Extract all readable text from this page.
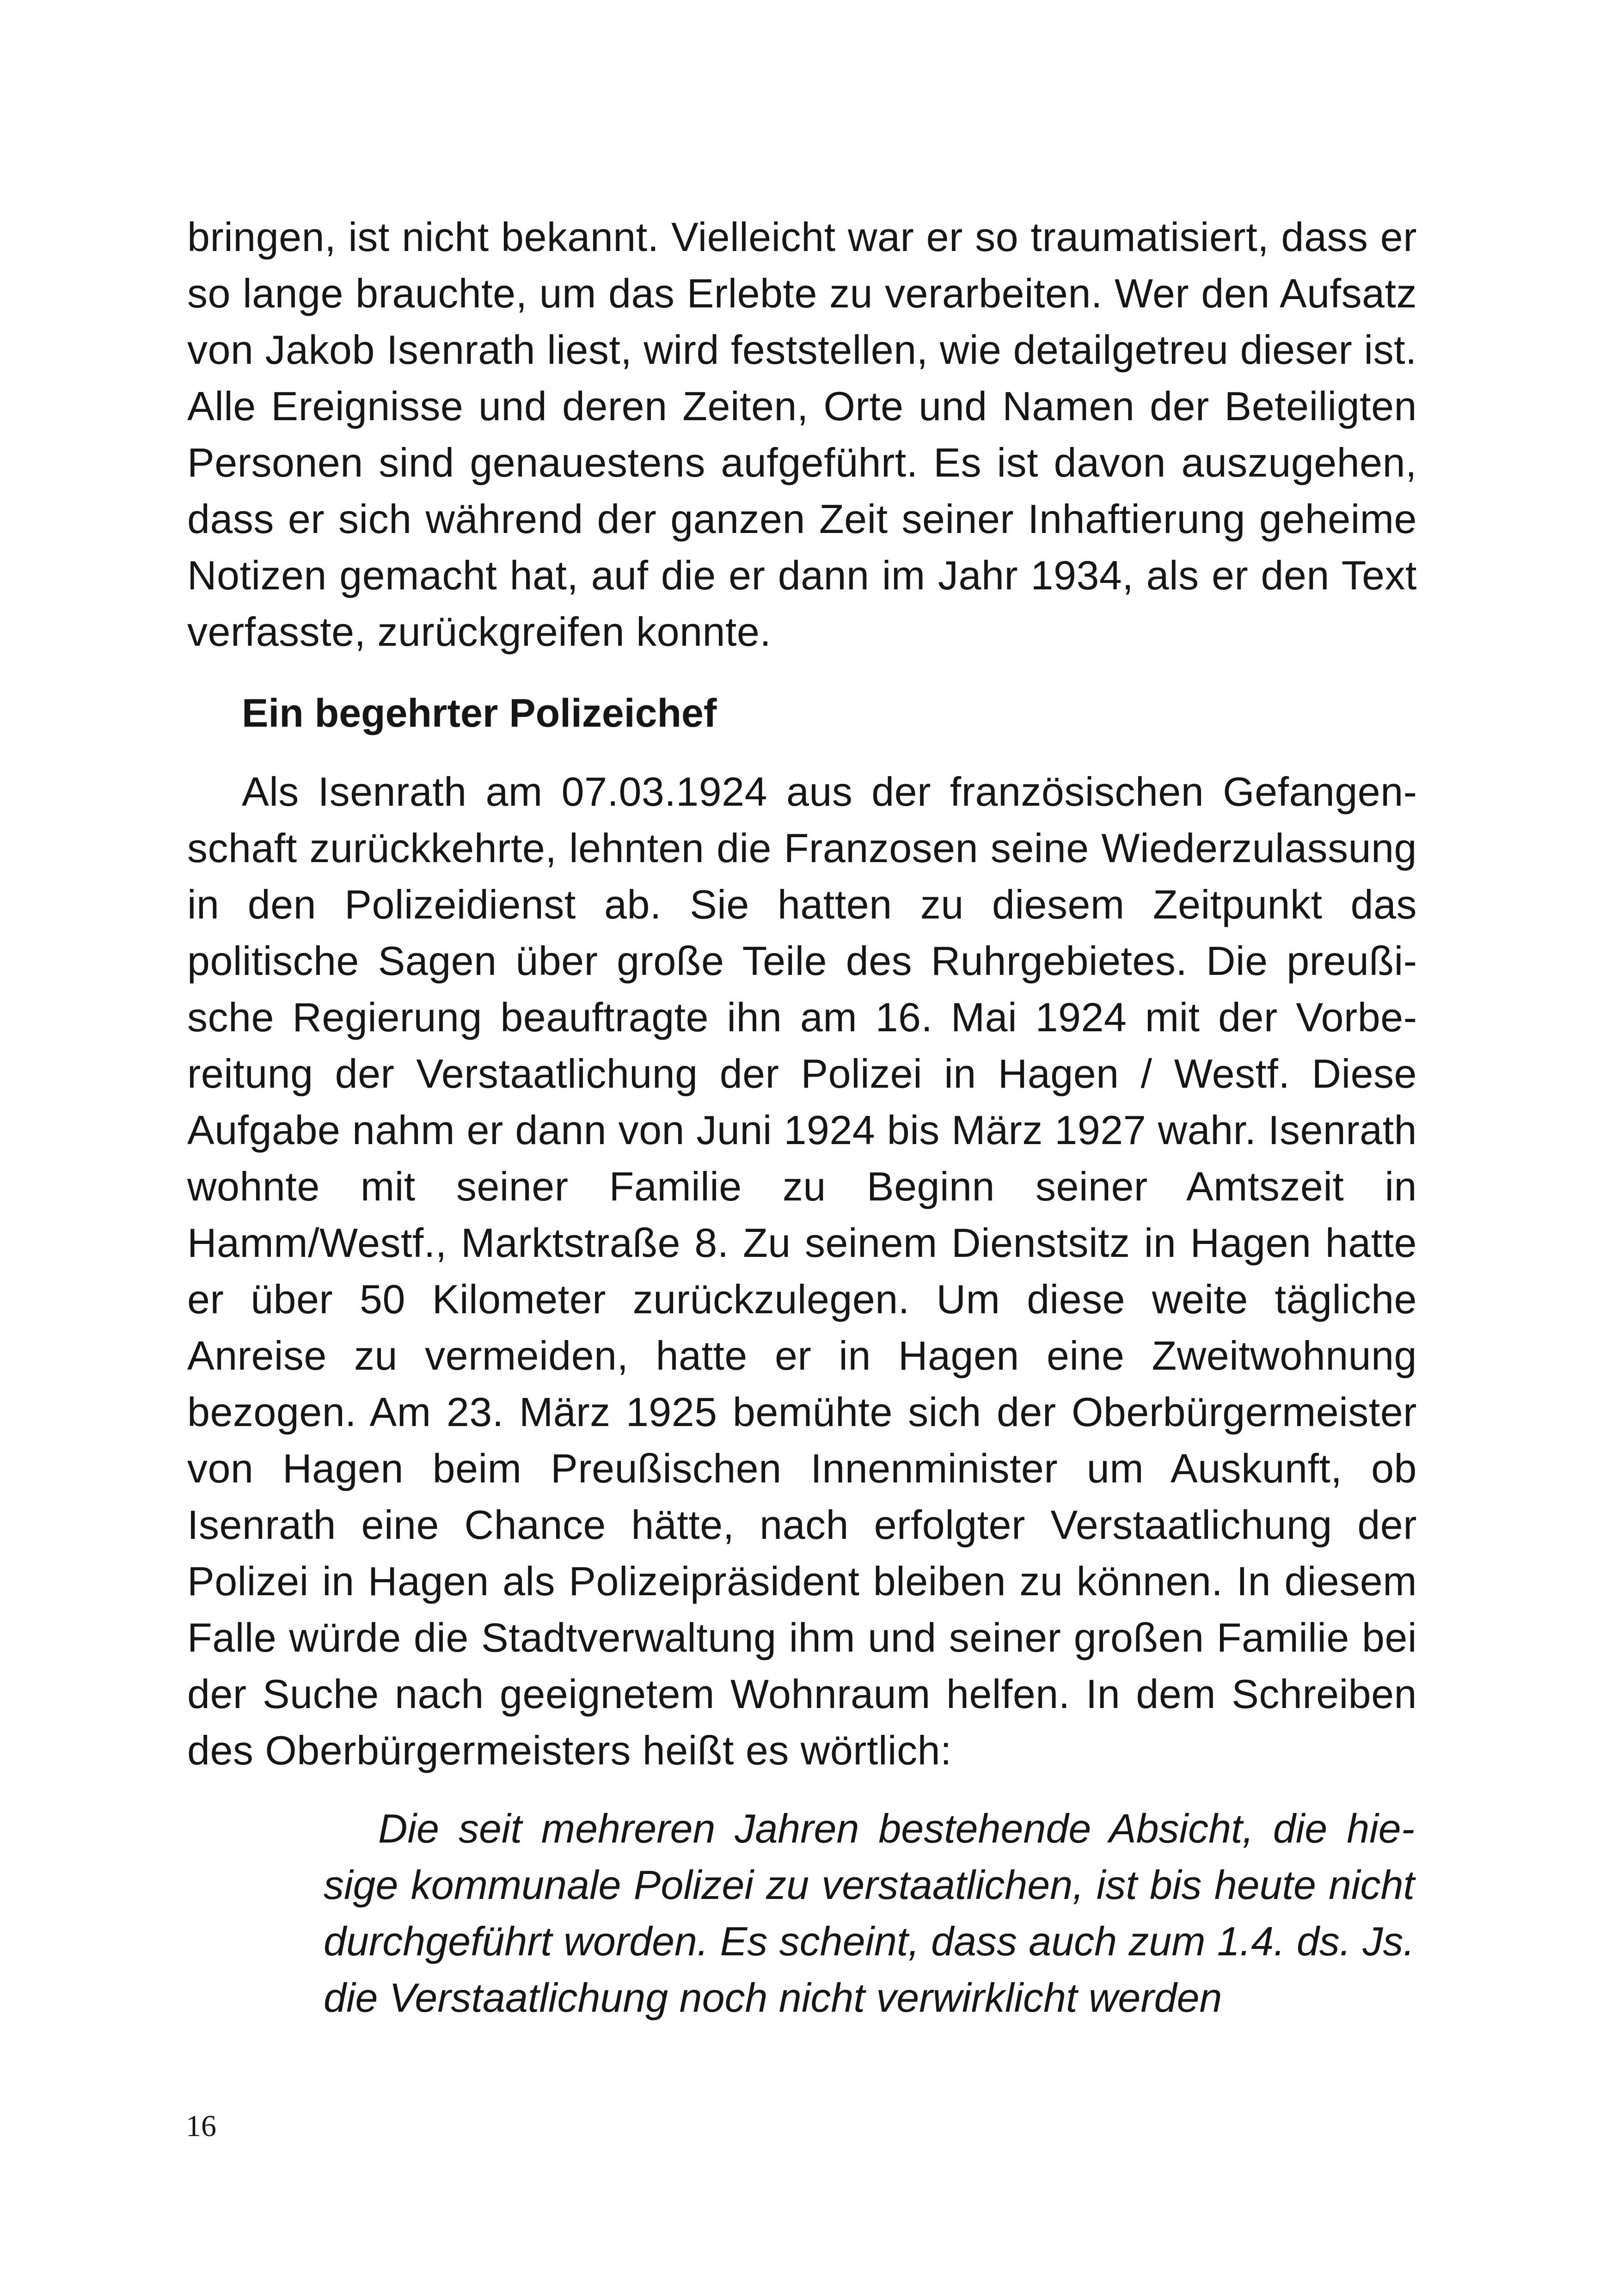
bringen, ist nicht bekannt. Vielleicht war er so traumatisiert, dass er so lange brauchte, um das Erlebte zu verarbeiten. Wer den Aufsatz von Jakob Isenrath liest, wird feststellen, wie detailgetreu dieser ist. Alle Ereignisse und deren Zeiten, Orte und Namen der Beteiligten Personen sind genauestens aufgeführt. Es ist davon auszugehen, dass er sich während der ganzen Zeit seiner Inhaftierung geheime Notizen gemacht hat, auf die er dann im Jahr 1934, als er den Text verfasste, zurückgreifen konnte.

Ein begehrter Polizeichef

Als Isenrath am 07.03.1924 aus der französischen Gefangenschaft zurückkehrte, lehnten die Franzosen seine Wiederzulassung in den Polizeidienst ab. Sie hatten zu diesem Zeitpunkt das politische Sagen über große Teile des Ruhrgebietes. Die preußische Regierung beauftragte ihn am 16. Mai 1924 mit der Vorbereitung der Verstaatlichung der Polizei in Hagen / Westf. Diese Aufgabe nahm er dann von Juni 1924 bis März 1927 wahr. Isenrath wohnte mit seiner Familie zu Beginn seiner Amtszeit in Hamm/Westf., Marktstraße 8. Zu seinem Dienstsitz in Hagen hatte er über 50 Kilometer zurückzulegen. Um diese weite tägliche Anreise zu vermeiden, hatte er in Hagen eine Zweitwohnung bezogen. Am 23. März 1925 bemühte sich der Oberbürgermeister von Hagen beim Preußischen Innenminister um Auskunft, ob Isenrath eine Chance hätte, nach erfolgter Verstaatlichung der Polizei in Hagen als Polizeipräsident bleiben zu können. In diesem Falle würde die Stadtverwaltung ihm und seiner großen Familie bei der Suche nach geeignetem Wohnraum helfen. In dem Schreiben des Oberbürgermeisters heißt es wörtlich:

Die seit mehreren Jahren bestehende Absicht, die hiesige kommunale Polizei zu verstaatlichen, ist bis heute nicht durchgeführt worden. Es scheint, dass auch zum 1.4. ds. Js. die Verstaatlichung noch nicht verwirklicht werden

16
